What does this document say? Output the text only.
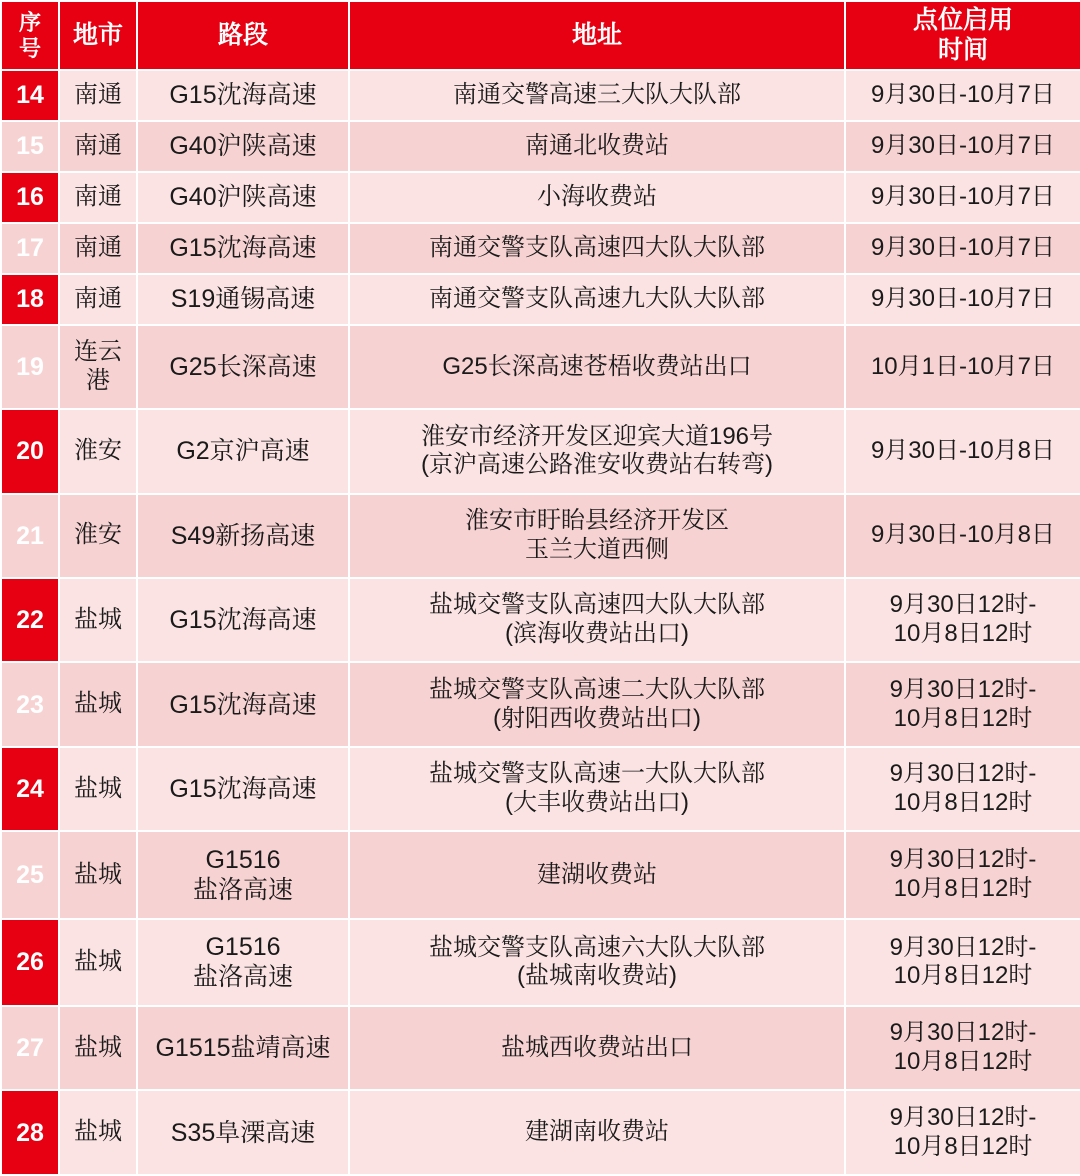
序
号	地市	路段	地址	点位启用
时间

14	南通	G15沈海高速	南通交警高速三大队大队部	9月30日-10月7日

15	南通	G40沪陕高速	南通北收费站	9月30日-10月7日

16	南通	G40沪陕高速	小海收费站	9月30日-10月7日

17	南通	G15沈海高速	南通交警支队高速四大队大队部	9月30日-10月7日

18	南通	S19通锡高速	南通交警支队高速九大队大队部	9月30日-10月7日

19	连云
港	G25长深高速	G25长深高速苍梧收费站出口	10月1日-10月7日

20	淮安	G2京沪高速	淮安市经济开发区迎宾大道196号
(京沪高速公路淮安收费站右转弯)	9月30日-10月8日

21	淮安	S49新扬高速	淮安市盱眙县经济开发区
玉兰大道西侧	9月30日-10月8日

22	盐城	G15沈海高速	盐城交警支队高速四大队大队部
(滨海收费站出口)	9月30日12时-
10月8日12时

23	盐城	G15沈海高速	盐城交警支队高速二大队大队部
(射阳西收费站出口)	9月30日12时-
10月8日12时

24	盐城	G15沈海高速	盐城交警支队高速一大队大队部
(大丰收费站出口)	9月30日12时-
10月8日12时

25	盐城	G1516
盐洛高速	建湖收费站	9月30日12时-
10月8日12时

26	盐城	G1516
盐洛高速	盐城交警支队高速六大队大队部
(盐城南收费站)	9月30日12时-
10月8日12时

27	盐城	G1515盐靖高速	盐城西收费站出口	9月30日12时-
10月8日12时

28	盐城	S35阜溧高速	建湖南收费站	9月30日12时-
10月8日12时
